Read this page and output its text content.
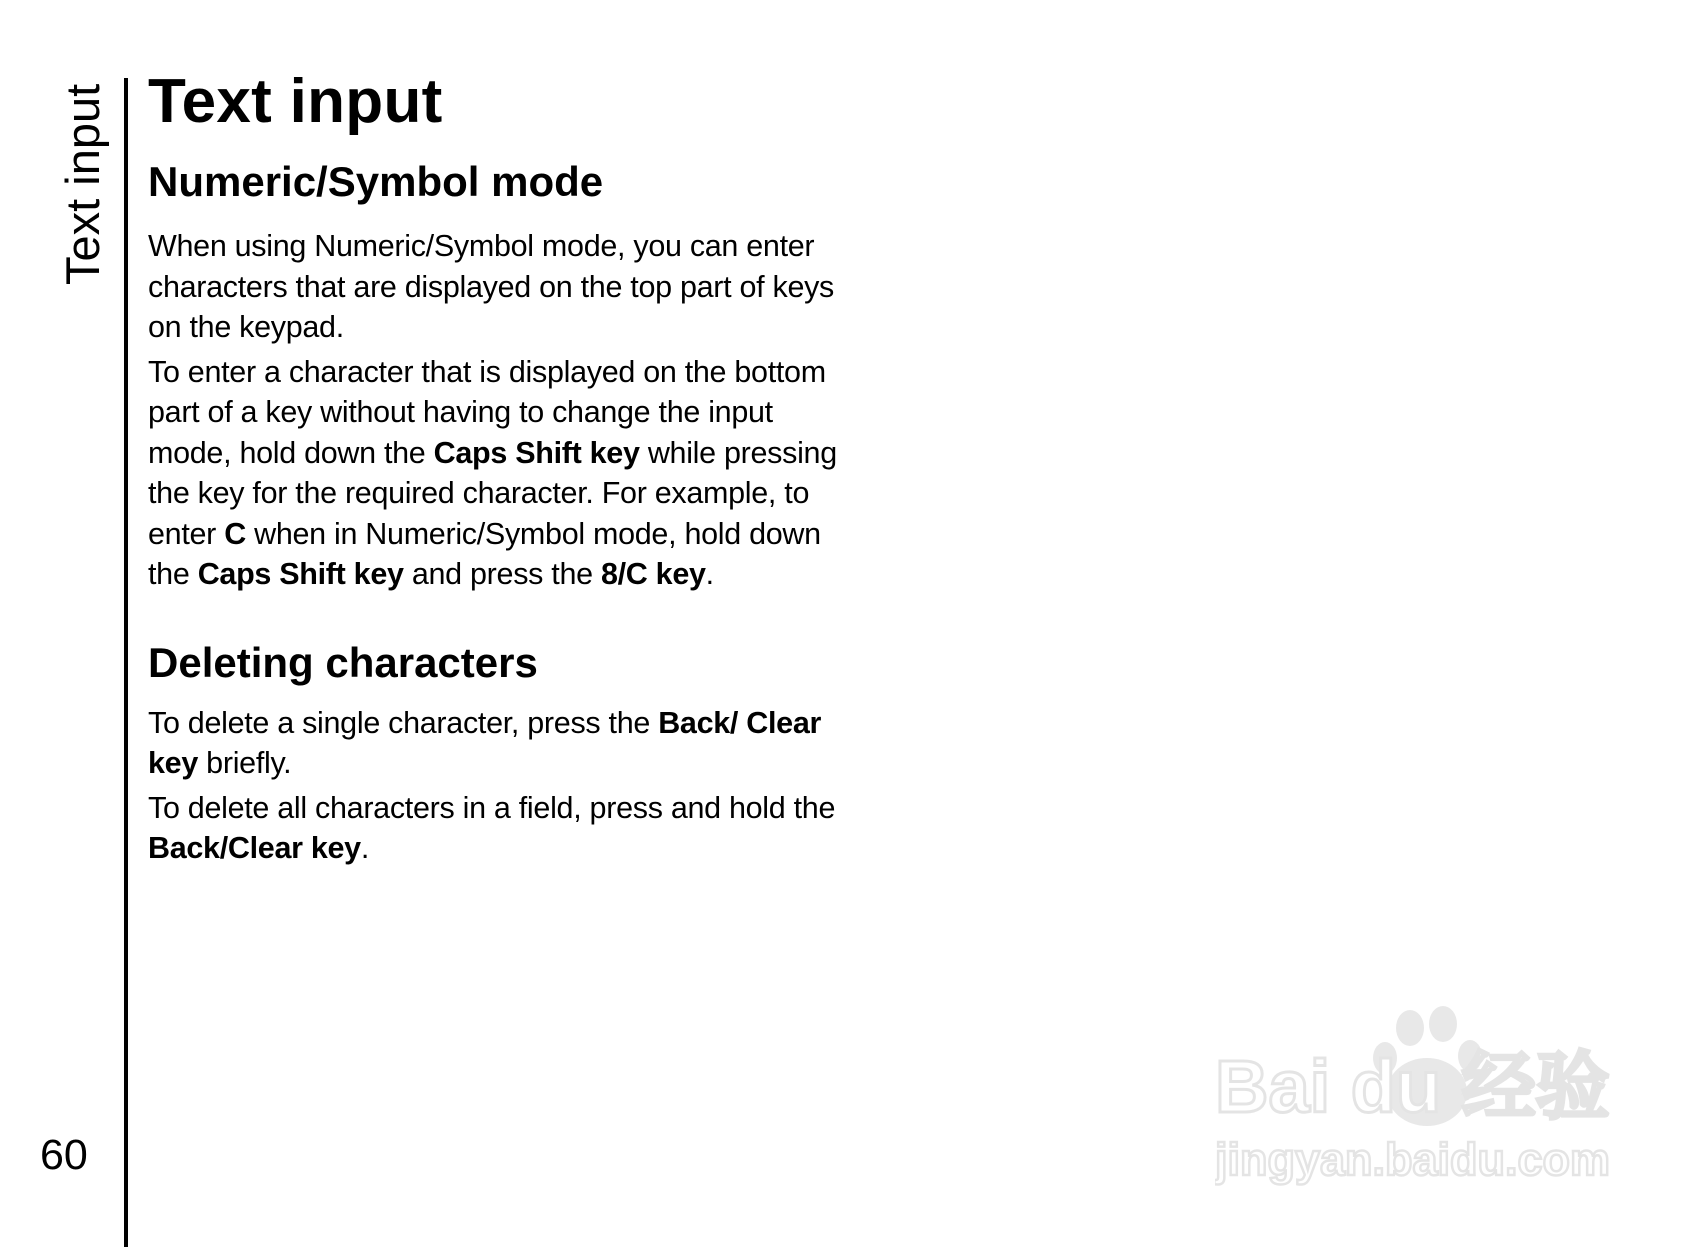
Text input
60
Text input
Numeric/Symbol mode

When using Numeric/Symbol mode, you can enter characters that are displayed on the top part of keys on the keypad.

To enter a character that is displayed on the bottom part of a key without having to change the input mode, hold down the Caps Shift key while pressing the key for the required character. For example, to enter C when in Numeric/Symbol mode, hold down the Caps Shift key and press the 8/C key.

Deleting characters

To delete a single character, press the Back/ Clear key briefly.

To delete all characters in a field, press and hold the Back/Clear key.

Bai du 经验
jingyan.baidu.com
